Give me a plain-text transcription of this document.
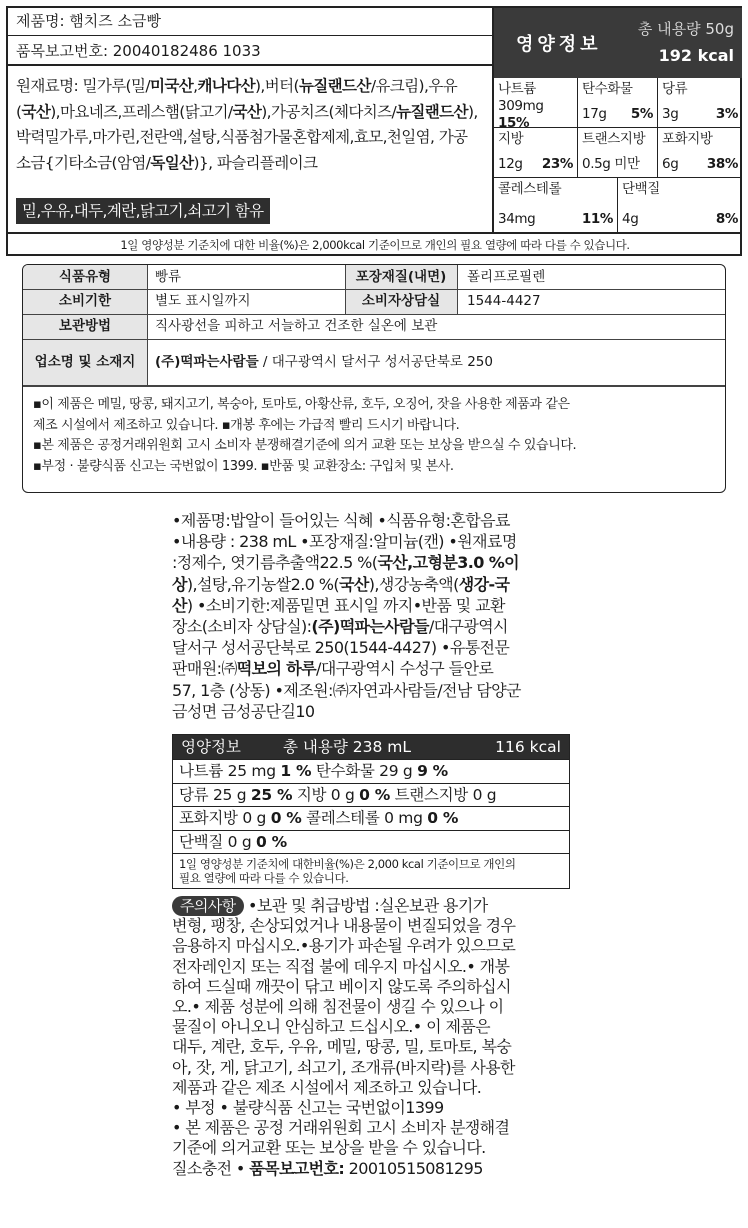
제품명: 햄치즈 소금빵
품목보고번호: 20040182486 1033
원재료명: 밀가루(밀/미국산,캐나다산),버터(뉴질랜드산/유크림),우유
(국산),마요네즈,프레스햄(닭고기/국산),가공치즈(체다치즈/뉴질랜드산),
박력밀가루,마가린,전란액,설탕,식품첨가물혼합제제,효모,천일염, 가공
소금{기타소금(암염/독일산)}, 파슬리플레이크
밀,우유,대두,계란,닭고기,쇠고기 함유
영양정보
총 내용량 50g
192 kcal
나트륨
309mg 15%
탄수화물
17g 5%
당류
3g	3%
지방
12g 23%
트랜스지방
0.5g 미만
포화지방
6g 38%
콜레스테롤
34mg	11%
단백질
4g	8%
1일 영양성분 기준치에 대한 비율(%)은 2,000kcal 기준이므로 개인의 필요 열량에 따라 다를 수 있습니다.
식품유형	빵류	포장재질(내면)	폴리프로필렌
소비기한	별도 표시일까지	소비자상담실	1544-4427
보관방법	직사광선을 피하고 서늘하고 건조한 실온에 보관
업소명 및 소재지	(주)떡파는사람들 / 대구광역시 달서구 성서공단북로 250
▪이 제품은 메밀, 땅콩, 돼지고기, 복숭아, 토마토, 아황산류, 호두, 오징어, 잣을 사용한 제품과 같은
제조 시설에서 제조하고 있습니다. ▪개봉 후에는 가급적 빨리 드시기 바랍니다.
▪본 제품은 공정거래위원회 고시 소비자 분쟁해결기준에 의거 교환 또는 보상을 받으실 수 있습니다.
▪부정 · 불량식품 신고는 국번없이 1399. ▪반품 및 교환장소: 구입처 및 본사.
•제품명:밥알이 들어있는 식혜 •식품유형:혼합음료
•내용량 : 238 mL •포장재질:알미늄(캔) •원재료명
:정제수, 엿기름추출액22.5 %(국산,고형분3.0 %이
상),설탕,유기농쌀2.0 %(국산),생강농축액(생강-국
산) •소비기한:제품밑면 표시일 까지•반품 및 교환
장소(소비자 상담실):(주)떡파는사람들/대구광역시
달서구 성서공단북로 250(1544-4427) •유통전문
판매원:㈜떡보의 하루/대구광역시 수성구 들안로
57, 1층 (상동) •제조원:㈜자연과사람들/전남 담양군
금성면 금성공단길10
영양정보	총 내용량 238 mL	116 kcal
나트륨 25 mg 1 % 탄수화물 29 g 9 %
당류 25 g 25 % 지방 0 g 0 % 트랜스지방 0 g
포화지방 0 g 0 % 콜레스테롤 0 mg 0 %
단백질 0 g 0 %
1일 영양성분 기준치에 대한비율(%)은 2,000 kcal 기준이므로 개인의
필요 열량에 따라 다를 수 있습니다.
주의사항 •보관 및 취급방법 :실온보관 용기가
변형, 팽창, 손상되었거나 내용물이 변질되었을 경우
음용하지 마십시오.•용기가 파손될 우려가 있으므로
전자레인지 또는 직접 불에 데우지 마십시오.• 개봉
하여 드실때 깨끗이 닦고 베이지 않도록 주의하십시
오.• 제품 성분에 의해 침전물이 생길 수 있으나 이
물질이 아니오니 안심하고 드십시오.• 이 제품은
대두, 계란, 호두, 우유, 메밀, 땅콩, 밀, 토마토, 복숭
아, 잣, 게, 닭고기, 쇠고기, 조개류(바지락)를 사용한
제품과 같은 제조 시설에서 제조하고 있습니다.
• 부정 • 불량식품 신고는 국번없이1399
• 본 제품은 공정 거래위원회 고시 소비자 분쟁해결
기준에 의거교환 또는 보상을 받을 수 있습니다.
질소충전 • 품목보고번호: 20010515081295
